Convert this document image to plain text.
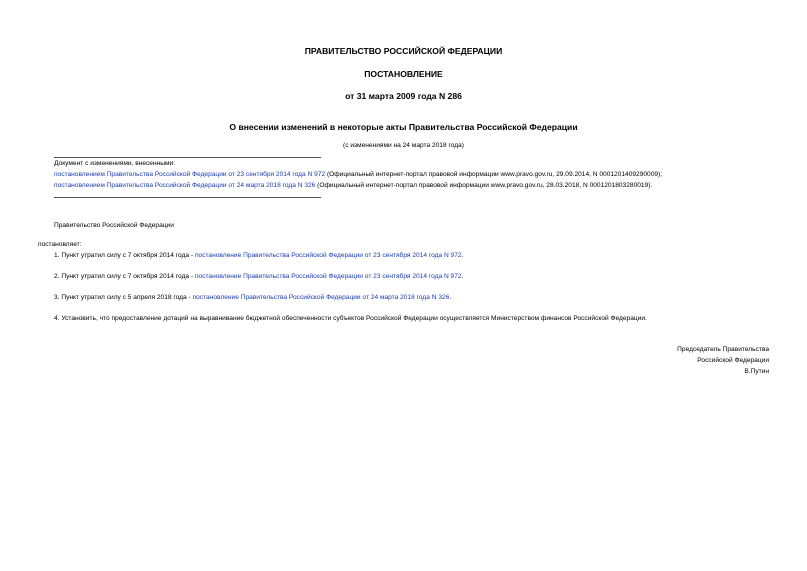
ПРАВИТЕЛЬСТВО РОССИЙСКОЙ ФЕДЕРАЦИИ
ПОСТАНОВЛЕНИЕ
от 31 марта 2009 года N 286
О внесении изменений в некоторые акты Правительства Российской Федерации
(с изменениями на 24 марта 2018 года)
Документ с изменениями, внесенными:
постановлением Правительства Российской Федерации от 23 сентября 2014 года N 972 (Официальный интернет-портал правовой информации www.pravo.gov.ru, 29.09.2014, N 0001201409290009);
постановлением Правительства Российской Федерации от 24 марта 2018 года N 326 (Официальный интернет-портал правовой информации www.pravo.gov.ru, 28.03.2018, N 0001201803280019).
Правительство Российской Федерации
постановляет:
1. Пункт утратил силу с 7 октября 2014 года - постановление Правительства Российской Федерации от 23 сентября 2014 года N 972.
2. Пункт утратил силу с 7 октября 2014 года - постановление Правительства Российской Федерации от 23 сентября 2014 года N 972.
3. Пункт утратил силу с 5 апреля 2018 года - постановление Правительства Российской Федерации от 24 марта 2018 года N 326.
4. Установить, что предоставление дотаций на выравнивание бюджетной обеспеченности субъектов Российской Федерации осуществляется Министерством финансов Российской Федерации.
Председатель Правительства
Российской Федерации
В.Путин
